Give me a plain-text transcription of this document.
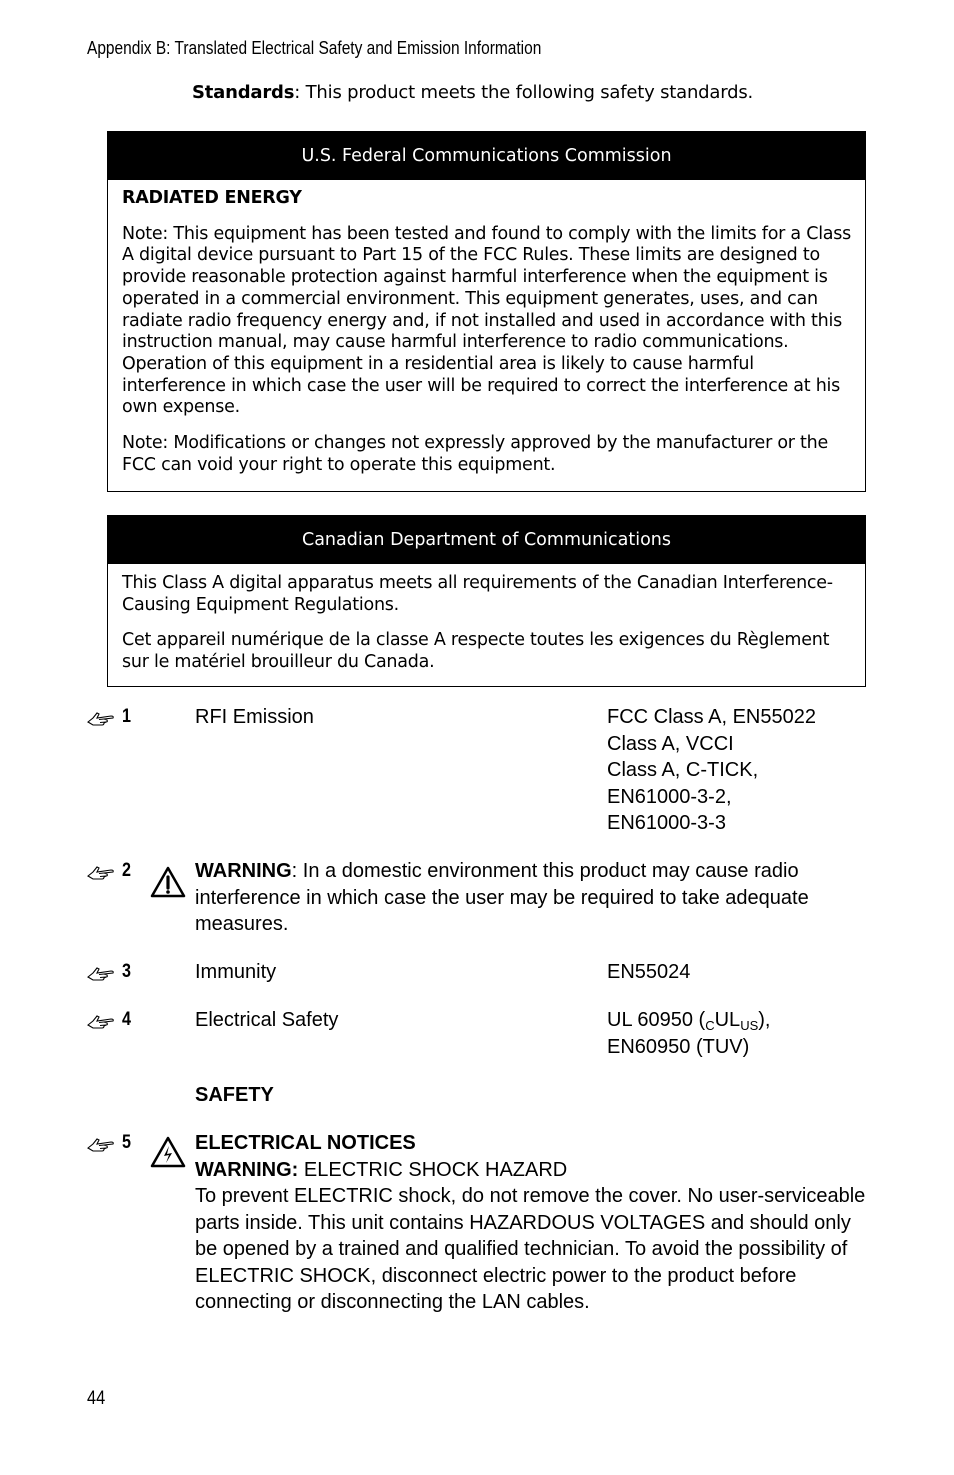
Appendix B: Translated Electrical Safety and Emission Information
Standards: This product meets the following safety standards.
U.S. Federal Communications Commission
RADIATED ENERGY

Note: This equipment has been tested and found to comply with the limits for a Class A digital device pursuant to Part 15 of the FCC Rules. These limits are designed to provide reasonable protection against harmful interference when the equipment is operated in a commercial environment. This equipment generates, uses, and can radiate radio frequency energy and, if not installed and used in accordance with this instruction manual, may cause harmful interference to radio communications. Operation of this equipment in a residential area is likely to cause harmful interference in which case the user will be required to correct the interference at his own expense.

Note: Modifications or changes not expressly approved by the manufacturer or the FCC can void your right to operate this equipment.

Canadian Department of Communications

This Class A digital apparatus meets all requirements of the Canadian Interference-Causing Equipment Regulations.

Cet appareil numérique de la classe A respecte toutes les exigences du Règlement sur le matériel brouilleur du Canada.

1	RFI Emission	FCC Class A, EN55022
Class A, VCCI
Class A, C-TICK,
EN61000-3-2,
EN61000-3-3
2	WARNING: In a domestic environment this product may cause radio interference in which case the user may be required to take adequate measures.
3	Immunity	EN55024
4	Electrical Safety	UL 60950 $(_CUL_{US})$,
EN60950 (TUV)
SAFETY
5	ELECTRICAL NOTICES
WARNING: ELECTRIC SHOCK HAZARD
To prevent ELECTRIC shock, do not remove the cover. No user-serviceable parts inside. This unit contains HAZARDOUS VOLTAGES and should only be opened by a trained and qualified technician. To avoid the possibility of ELECTRIC SHOCK, disconnect electric power to the product before connecting or disconnecting the LAN cables.
44
